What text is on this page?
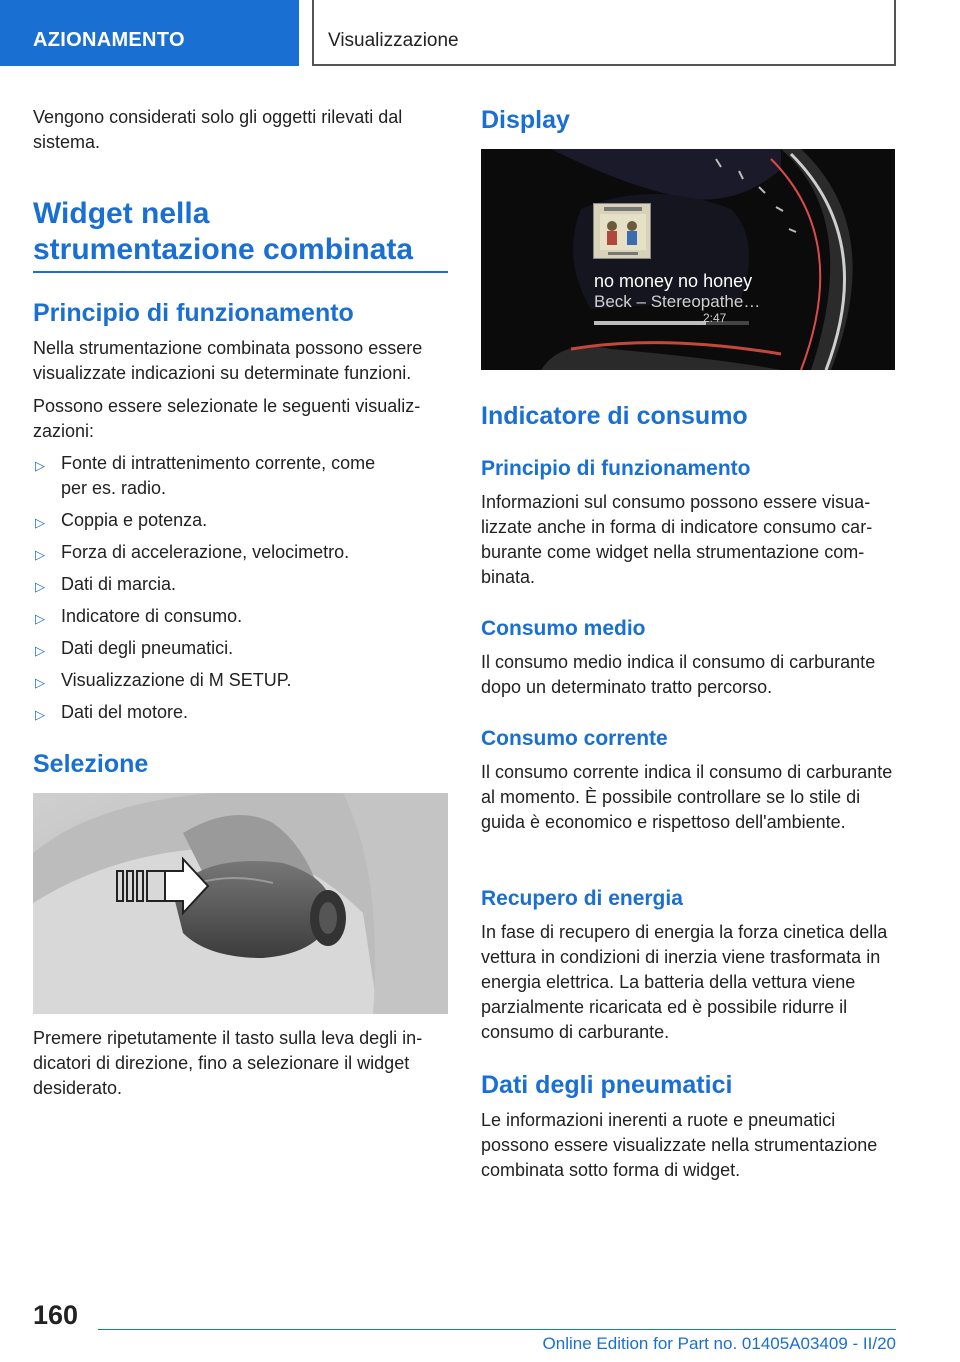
AZIONAMENTO	Visualizzazione

Vengono considerati solo gli oggetti rilevati dal sistema.

Widget nella
strumentazione combinata
Principio di funzionamento

Nella strumentazione combinata possono essere visualizzate indicazioni su determinate funzioni.

Possono essere selezionate le seguenti visualizzazioni:

▷ Fonte di intrattenimento corrente, come per es. radio.
▷ Coppia e potenza.
▷ Forza di accelerazione, velocimetro.
▷ Dati di marcia.
▷ Indicatore di consumo.
▷ Dati degli pneumatici.
▷ Visualizzazione di M SETUP.
▷ Dati del motore.
Selezione

Premere ripetutamente il tasto sulla leva degli indicatori di direzione, fino a selezionare il widget desiderato.

Display
no money no honey
Beck – Stereopathe…
2:47
Indicatore di consumo
Principio di funzionamento

Informazioni sul consumo possono essere visualizzate anche in forma di indicatore consumo carburante come widget nella strumentazione combinata.

Consumo medio

Il consumo medio indica il consumo di carburante dopo un determinato tratto percorso.

Consumo corrente

Il consumo corrente indica il consumo di carburante al momento. È possibile controllare se lo stile di guida è economico e rispettoso dell'ambiente.

Recupero di energia

In fase di recupero di energia la forza cinetica della vettura in condizioni di inerzia viene trasformata in energia elettrica. La batteria della vettura viene parzialmente ricaricata ed è possibile ridurre il consumo di carburante.

Dati degli pneumatici

Le informazioni inerenti a ruote e pneumatici possono essere visualizzate nella strumentazione combinata sotto forma di widget.

160
Online Edition for Part no. 01405A03409 - II/20
